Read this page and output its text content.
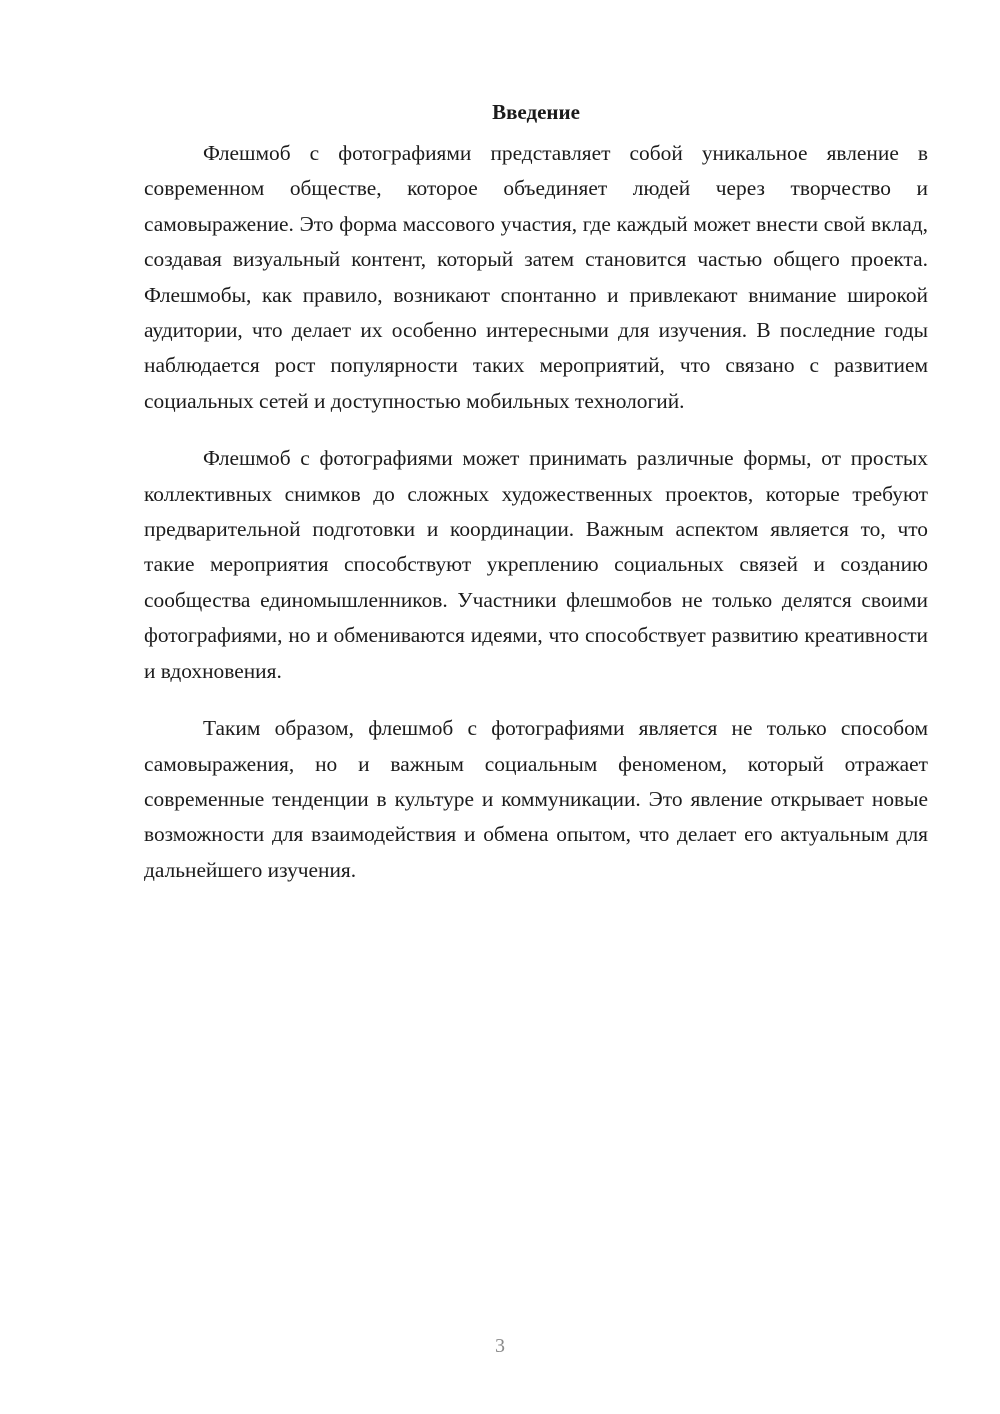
Введение

Флешмоб с фотографиями представляет собой уникальное явление в современном обществе, которое объединяет людей через творчество и самовыражение. Это форма массового участия, где каждый может внести свой вклад, создавая визуальный контент, который затем становится частью общего проекта. Флешмобы, как правило, возникают спонтанно и привлекают внимание широкой аудитории, что делает их особенно интересными для изучения. В последние годы наблюдается рост популярности таких мероприятий, что связано с развитием социальных сетей и доступностью мобильных технологий.

Флешмоб с фотографиями может принимать различные формы, от простых коллективных снимков до сложных художественных проектов, которые требуют предварительной подготовки и координации. Важным аспектом является то, что такие мероприятия способствуют укреплению социальных связей и созданию сообщества единомышленников. Участники флешмобов не только делятся своими фотографиями, но и обмениваются идеями, что способствует развитию креативности и вдохновения.

Таким образом, флешмоб с фотографиями является не только способом самовыражения, но и важным социальным феноменом, который отражает современные тенденции в культуре и коммуникации. Это явление открывает новые возможности для взаимодействия и обмена опытом, что делает его актуальным для дальнейшего изучения.

3
